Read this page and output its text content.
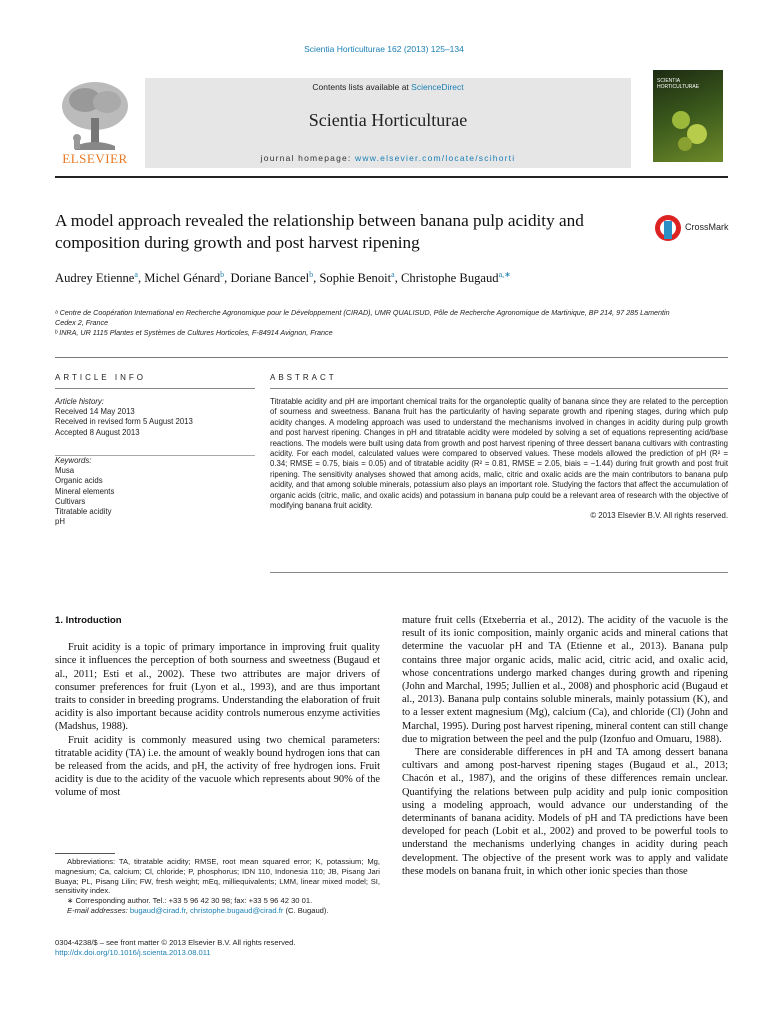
Scientia Horticulturae 162 (2013) 125–134
ELSEVIER
Contents lists available at ScienceDirect
Scientia Horticulturae
journal homepage: www.elsevier.com/locate/scihorti
SCIENTIA HORTICULTURAE
A model approach revealed the relationship between banana pulp acidity and composition during growth and post harvest ripening
CrossMark
Audrey Etienne$^a$, Michel Génard$^b$, Doriane Bancel$^b$, Sophie Benoit$^a$, Christophe Bugaud$^{a,∗}$
ᵃ Centre de Coopération International en Recherche Agronomique pour le Développement (CIRAD), UMR QUALISUD, Pôle de Recherche Agronomique de Martinique, BP 214, 97 285 Lamentin Cedex 2, France
ᵇ INRA, UR 1115 Plantes et Systèmes de Cultures Horticoles, F-84914 Avignon, France
ARTICLE INFO	ABSTRACT
Article history:
Received 14 May 2013
Received in revised form 5 August 2013
Accepted 8 August 2013
Keywords:
Musa
Organic acids
Mineral elements
Cultivars
Titratable acidity
pH
Titratable acidity and pH are important chemical traits for the organoleptic quality of banana since they are related to the perception of sourness and sweetness. Banana fruit has the particularity of having separate growth and ripening stages, during which pulp acidity changes. A modeling approach was used to understand the mechanisms involved in changes in acidity during pulp growth and post harvest ripening. Changes in pH and titratable acidity were modeled by solving a set of equations representing acid/base reactions. The models were built using data from growth and post harvest ripening of three dessert banana cultivars with contrasting acidity. For each model, calculated values were compared to observed values. These models allowed the prediction of pH (R² = 0.34; RMSE = 0.75, biais = 0.05) and of titratable acidity (R² = 0.81, RMSE = 2.05, biais = −1.44) during fruit growth and post fruit ripening. The sensitivity analyses showed that among acids, malic, citric and oxalic acids are the main contributors to banana pulp acidity, and that among soluble minerals, potassium also plays an important role. Studying the factors that affect the accumulation of organic acids (citric, malic, and oxalic acids) and potassium in banana pulp could be a relevant area of research with the objective of modifying banana fruit acidity.
© 2013 Elsevier B.V. All rights reserved.
1. Introduction

Fruit acidity is a topic of primary importance in improving fruit quality since it influences the perception of both sourness and sweetness (Bugaud et al., 2011; Esti et al., 2002). These two attributes are major drivers of consumer preferences for fruit (Lyon et al., 1993), and are thus important traits to consider in breeding programs. Understanding the elaboration of fruit acidity is also important because acidity controls numerous enzyme activities (Madshus, 1988).

Fruit acidity is commonly measured using two chemical parameters: titratable acidity (TA) i.e. the amount of weakly bound hydrogen ions that can be released from the acids, and pH, the activity of free hydrogen ions. Fruit acidity is due to the acidity of the vacuole which represents about 90% of the volume of most

mature fruit cells (Etxeberria et al., 2012). The acidity of the vacuole is the result of its ionic composition, mainly organic acids and mineral cations that determine the vacuolar pH and TA (Etienne et al., 2013). Banana pulp contains three major organic acids, malic acid, citric acid, and oxalic acid, whose concentrations undergo marked changes during growth and ripening (John and Marchal, 1995; Jullien et al., 2008) and phosphoric acid (Bugaud et al., 2013). Banana pulp contains soluble minerals, mainly potassium (K), and to a lesser extent magnesium (Mg), calcium (Ca), and chloride (Cl) (John and Marchal, 1995). During post harvest ripening, mineral content can still change due to migration between the peel and the pulp (Izonfuo and Omuaru, 1988).

There are considerable differences in pH and TA among dessert banana cultivars and among post-harvest ripening stages (Bugaud et al., 2013; Chacón et al., 1987), and the origins of these differences remain unclear. Quantifying the relations between pulp acidity and pulp ionic composition using a modeling approach, would advance our understanding of the determinants of banana acidity. Models of pH and TA predictions have been developed for peach (Lobit et al., 2002) and proved to be powerful tools to understand the mechanisms underlying changes in acidity during peach development. The objective of the present work was to apply and validate these models on banana fruit, in which other ionic species than those

Abbreviations: TA, titratable acidity; RMSE, root mean squared error; K, potassium; Mg, magnesium; Ca, calcium; Cl, chloride; P, phosphorus; IDN 110, Indonesia 110; JB, Pisang Jari Buaya; PL, Pisang Lilin; FW, fresh weight; mEq, milliequivalents; LMM, linear mixed model; SI, sensitivity index.

∗ Corresponding author. Tel.: +33 5 96 42 30 98; fax: +33 5 96 42 30 01.

E-mail addresses: bugaud@cirad.fr, christophe.bugaud@cirad.fr (C. Bugaud).

0304-4238/$ – see front matter © 2013 Elsevier B.V. All rights reserved.
http://dx.doi.org/10.1016/j.scienta.2013.08.011
